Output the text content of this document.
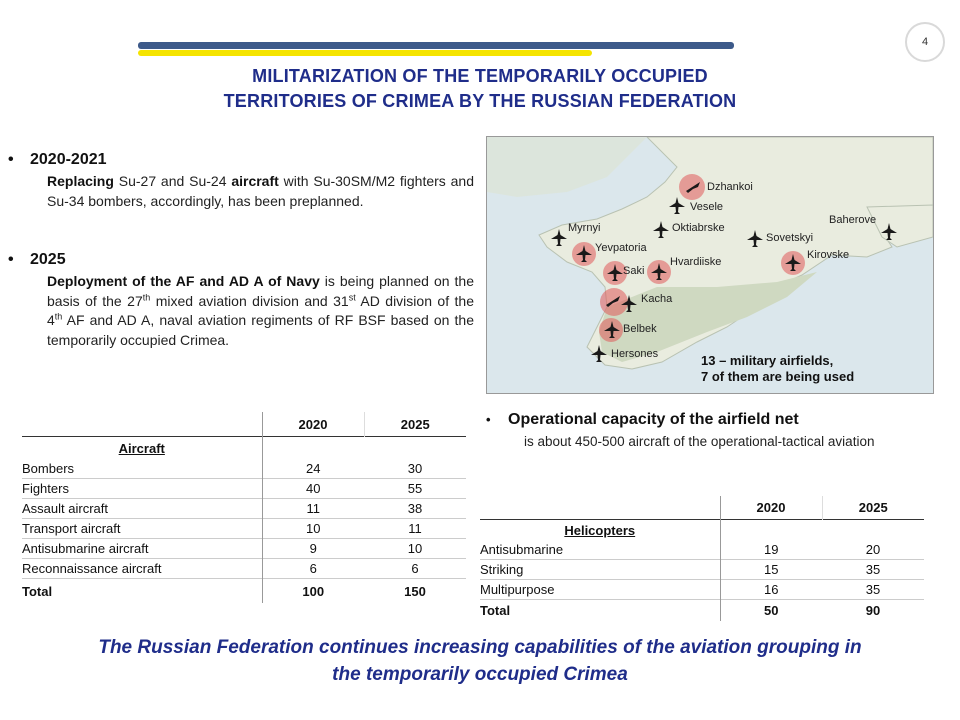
4
MILITARIZATION OF THE TEMPORARILY OCCUPIED
TERRITORIES OF CRIMEA BY THE RUSSIAN FEDERATION
• 2020-2021
Replacing Su-27 and Su-24 aircraft with Su-30SM/M2 fighters and Su-34 bombers, accordingly, has been preplanned.
• 2025
Deployment of the AF and AD A of Navy is being planned on the basis of the 27th mixed aviation division and 31st AD division of the 4th AF and AD A, naval aviation regiments of RF BSF based on the temporarily occupied Crimea.
Dzhankoi
Vesele
Oktiabrske
Myrnyi
Yevpatoria
Saki
Hvardiiske
Kacha
Belbek
Hersones
Sovetskyi
Baherove
Kirovske
13 – military airfields,
7 of them are being used
• Operational capacity of the airfield net
is about 450-500 aircraft of the operational-tactical aviation
	2020	2025
Aircraft		
Bombers	24	30
Fighters	40	55
Assault aircraft	11	38
Transport aircraft	10	11
Antisubmarine aircraft	9	10
Reconnaissance aircraft	6	6
Total	100	150
	2020	2025
Helicopters		
Antisubmarine	19	20
Striking	15	35
Multipurpose	16	35
Total	50	90
The Russian Federation continues increasing capabilities of the aviation grouping in
the temporarily occupied Crimea
